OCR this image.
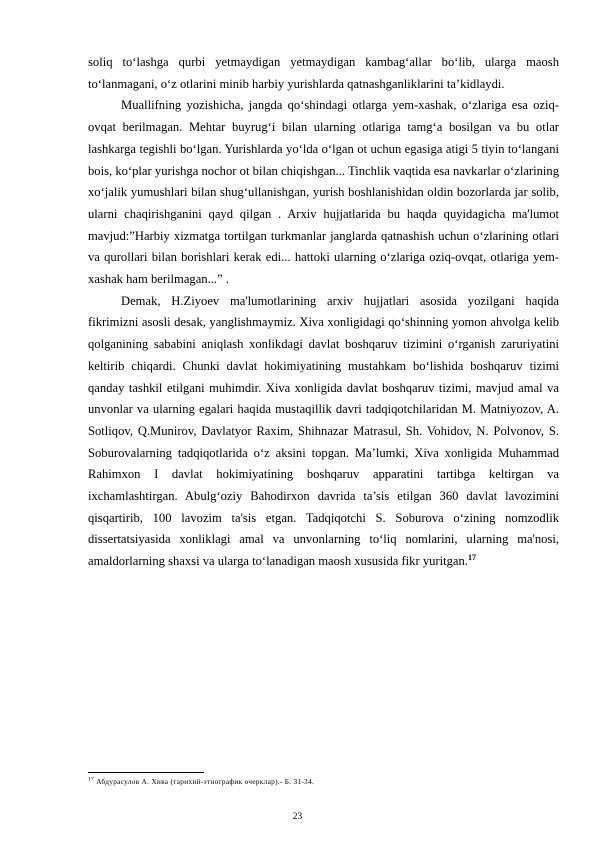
soliq to‘lashga qurbi yetmaydigan yetmaydigan kambag‘allar bo‘lib, ularga maosh to‘lanmagani, o‘z otlarini minib harbiy yurishlarda qatnashganliklarini ta’kidlaydi.

Muallifning yozishicha, jangda qo‘shindagi otlarga yem-xashak, o‘zlariga esa oziq-ovqat berilmagan. Mehtar buyrug‘i bilan ularning otlariga tamg‘a bosilgan va bu otlar lashkarga tegishli bo‘lgan. Yurishlarda yo‘lda o‘lgan ot uchun egasiga atigi 5 tiyin to‘langani bois, ko‘plar yurishga nochor ot bilan chiqishgan... Tinchlik vaqtida esa navkarlar o‘zlarining xo‘jalik yumushlari bilan shug‘ullanishgan, yurish boshlanishidan oldin bozorlarda jar solib, ularni chaqirishganini qayd qilgan . Arxiv hujjatlarida bu haqda quyidagicha ma'lumot mavjud:”Harbiy xizmatga tortilgan turkmanlar janglarda qatnashish uchun o‘zlarining otlari va qurollari bilan borishlari kerak edi... hattoki ularning o‘zlariga oziq-ovqat, otlariga yem-xashak ham berilmagan...” .

Demak, H.Ziyoev ma'lumotlarining arxiv hujjatlari asosida yozilgani haqida fikrimizni asosli desak, yanglishmaymiz. Xiva xonligidagi qo‘shinning yomon ahvolga kelib qolganining sababini aniqlash xonlikdagi davlat boshqaruv tizimini o‘rganish zaruriyatini keltirib chiqardi. Chunki davlat hokimiyatining mustahkam bo‘lishida boshqaruv tizimi qanday tashkil etilgani muhimdir. Xiva xonligida davlat boshqaruv tizimi, mavjud amal va unvonlar va ularning egalari haqida mustaqillik davri tadqiqotchilaridan M. Matniyozov, A. Sotliqov, Q.Munirov, Davlatyor Raxim, Shihnazar Matrasul, Sh. Vohidov, N. Polvonov, S. Soburovalarning tadqiqotlarida o‘z aksini topgan. Ma’lumki, Xiva xonligida Muhammad Rahimxon I davlat hokimiyatining boshqaruv apparatini tartibga keltirgan va ixchamlashtirgan. Abulg‘oziy Bahodirxon davrida ta’sis etilgan 360 davlat lavozimini qisqartirib, 100 lavozim ta'sis etgan. Tadqiqotchi S. Soburova o‘zining nomzodlik dissertatsiyasida xonliklagi amal va unvonlarning to‘liq nomlarini, ularning ma'nosi, amaldorlarning shaxsi va ularga to‘lanadigan maosh xususida fikr yuritgan.$^{17}$

$^{17}$ Абдурасулов А. Хива (тарихий-этнографик очерклар).- Б. 31-34.
23
